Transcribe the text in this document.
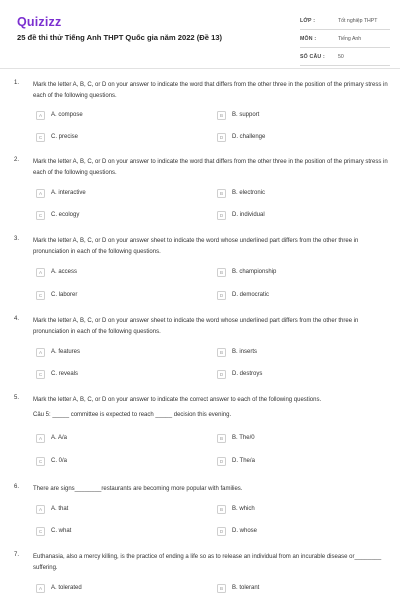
Quizizz
25 đề thi thử Tiếng Anh THPT Quốc gia năm 2022 (Đề 13)
LỚP :	Tốt nghiệp THPT
MÔN :	Tiếng Anh
SỐ CÂU :	50
1. Mark the letter A, B, C, or D on your answer to indicate the word that differs from the other three in the position of the primary stress in each of the following questions.
A	A. compose	B	B. support
C	C. precise	D	D. challenge
2. Mark the letter A, B, C, or D on your answer to indicate the word that differs from the other three in the position of the primary stress in each of the following questions.
A	A. interactive	B	B. electronic
C	C. ecology	D	D. individual
3. Mark the letter A, B, C, or D on your answer sheet to indicate the word whose underlined part differs from the other three in pronunciation in each of the following questions.
A	A. access	B	B. championship
C	C. laborer	D	D. democratic
4. Mark the letter A, B, C, or D on your answer sheet to indicate the word whose underlined part differs from the other three in pronunciation in each of the following questions.
A	A. features	B	B. inserts
C	C. reveals	D	D. destroys
5. Mark the letter A, B, C, or D on your answer to indicate the correct answer to each of the following questions.
Câu 5: _____ committee is expected to reach _____ decision this evening.
A	A. A/a	B	B. The/0
C	C. 0/a	D	D. The/a
6. There are signs________restaurants are becoming more popular with families.
A	A. that	B	B. which
C	C. what	D	D. whose
7. Euthanasia, also a mercy killing, is the practice of ending a life so as to release an individual from an incurable disease or________ suffering.
A	A. tolerated	B	B. tolerant
